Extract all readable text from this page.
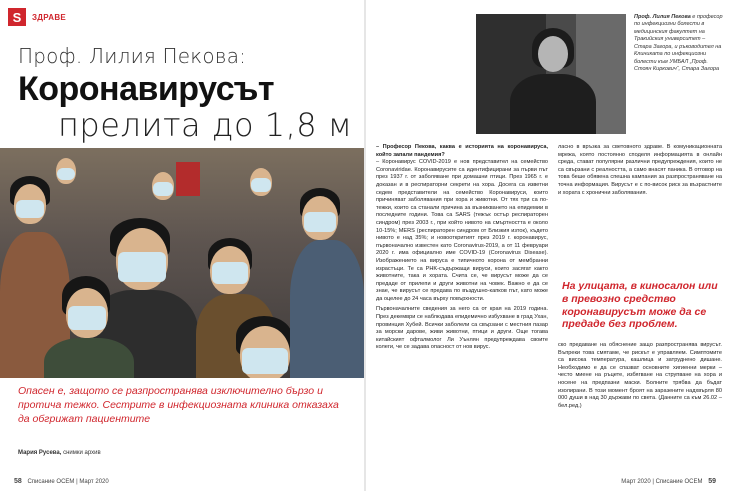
S	ЗДРАВЕ
Проф. Лилия Пекова:
Коронавирусът
прелита до 1,8 м
Опасен е, защото се разпространява изключително бързо и протича тежко. Сестрите в инфекциозната клиника отказаха да обгрижат пациентите
Мария Русева, снимки архив
58 Списание ОСЕМ | Март 2020
Проф. Лилия Пекова е професор по инфекциозни болести в медицинския факултет на Тракийския университет – Стара Загора, и ръководител на Клиниката по инфекциозни болести към УМБАЛ „Проф. Стоян Киркович“, Стара Загора
– Професор Пекова, каква е историята на коронавируса, който запали пандемия?
– Коронавирус COVID-2019 е нов представител на семейство Coronaviridae. Коронавирусите са идентифицирани за първи път през 1937 г. от заболяване при домашни птици. През 1965 г. е доказан и в респираторни секрети на хора. Досега са изветни седем представители на семейство Коронавируси, които причиняват заболявания при хора и животни. От тях три са по-тежки, които са станали причина за възникването на епидемии в последните години. Това са SARS (тежък остър респираторен синдром) през 2003 г., при който нивото на смъртността е около 10-15%; MERS (респираторен синдром от Близкия изток), където нивото е над 35%; и новооткритият през 2019 г. коронавирус, първоначално известен като Coronavirus-2019, а от 11 февруари 2020 г. има официално име COVID-19 (Coronavirus Disease). Изображението на вируса е типичното корона от мембранни израстъци. Те са PHK-съдържащи вируси, които засягат както животните, така и хората. Счита се, че вирусът може да се предаде от прилепи и други животни на човек. Важно е да се знае, че вирусът се предава по въздушно-капков път, като може да оцелее до 24 часа върху повърхности.
Първоначалните сведения за него са от края на 2019 година. През декември се наблюдава епидемично избухване в град Ухан, провинция Хубей. Всички заболели са свързани с местния пазар за морски дарове, живи животни, птици и други. Още тогава китайският офталмолог Ли Уънлян предупреждава своите колеги, че се задава опасност от нов вирус.
ласно в връзка за световното здраве. В комуникационната мрежа, която постоянно споделя информацията в онлайн среда, стават популярни различни предупреждения, които не са свързани с реалността, а само внасят паника. В отговор на това беше обявена спешна кампания за разпространяване на точна информация. Вирусът е с по-висок риск за възрастните и хората с хронични заболявания.
На улицата, в киносалон или в превозно средство коронавирусът може да се предаде без проблем.
ско предаване на обяснение защо разпространява вирусът. Въпреки това смятаме, че рискът е управляем. Симптомите са висока температура, кашлица и затруднено дишане. Необходимо е да се спазват основните хигиенни мерки – често миене на ръцете, избягване на струпване на хора и носене на предпазни маски. Болните трябва да бъдат изолирани. В този момент броят на заразените надхвърля 80 000 души в над 30 държави по света. (Данните са към 26.02 – бел.ред.)
Март 2020 | Списание ОСЕМ 59
